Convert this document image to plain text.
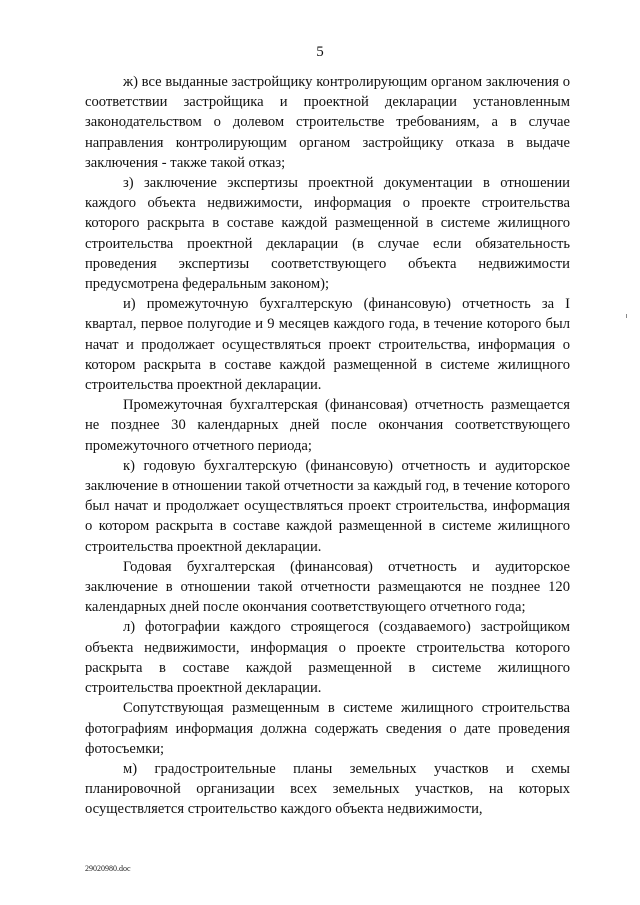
5

ж) все выданные застройщику контролирующим органом заключения о соответствии застройщика и проектной декларации установленным законодательством о долевом строительстве требованиям, а в случае направления контролирующим органом застройщику отказа в выдаче заключения - также такой отказ;

з) заключение экспертизы проектной документации в отношении каждого объекта недвижимости, информация о проекте строительства которого раскрыта в составе каждой размещенной в системе жилищного строительства проектной декларации (в случае если обязательность проведения экспертизы соответствующего объекта недвижимости предусмотрена федеральным законом);

и) промежуточную бухгалтерскую (финансовую) отчетность за I квартал, первое полугодие и 9 месяцев каждого года, в течение которого был начат и продолжает осуществляться проект строительства, информация о котором раскрыта в составе каждой размещенной в системе жилищного строительства проектной декларации.

Промежуточная бухгалтерская (финансовая) отчетность размещается не позднее 30 календарных дней после окончания соответствующего промежуточного отчетного периода;

к) годовую бухгалтерскую (финансовую) отчетность и аудиторское заключение в отношении такой отчетности за каждый год, в течение которого был начат и продолжает осуществляться проект строительства, информация о котором раскрыта в составе каждой размещенной в системе жилищного строительства проектной декларации.

Годовая бухгалтерская (финансовая) отчетность и аудиторское заключение в отношении такой отчетности размещаются не позднее 120 календарных дней после окончания соответствующего отчетного года;

л) фотографии каждого строящегося (создаваемого) застройщиком объекта недвижимости, информация о проекте строительства которого раскрыта в составе каждой размещенной в системе жилищного строительства проектной декларации.

Сопутствующая размещенным в системе жилищного строительства фотографиям информация должна содержать сведения о дате проведения фотосъемки;

м) градостроительные планы земельных участков и схемы планировочной организации всех земельных участков, на которых осуществляется строительство каждого объекта недвижимости,

29020980.doc
